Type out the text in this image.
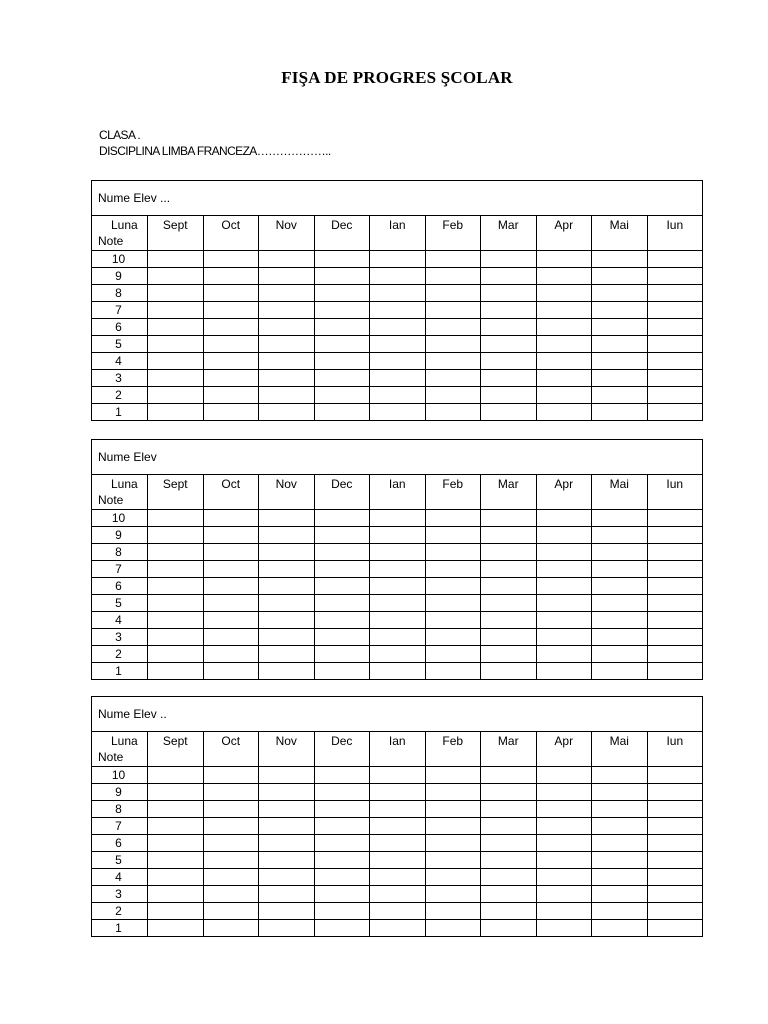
FIŞA DE PROGRES ŞCOLAR
CLASA .
DISCIPLINA LIMBA FRANCEZA………………..
Nume Elev ...										

Luna
Note	Sept	Oct	Nov	Dec	Ian	Feb	Mar	Apr	Mai	Iun
10										
9										
8										
7										
6										
5										
4										
3										
2										
1										
Nume Elev										

Luna
Note	Sept	Oct	Nov	Dec	Ian	Feb	Mar	Apr	Mai	Iun
10										
9										
8										
7										
6										
5										
4										
3										
2										
1										
Nume Elev ..										

Luna
Note	Sept	Oct	Nov	Dec	Ian	Feb	Mar	Apr	Mai	Iun
10										
9										
8										
7										
6										
5										
4										
3										
2										
1										
